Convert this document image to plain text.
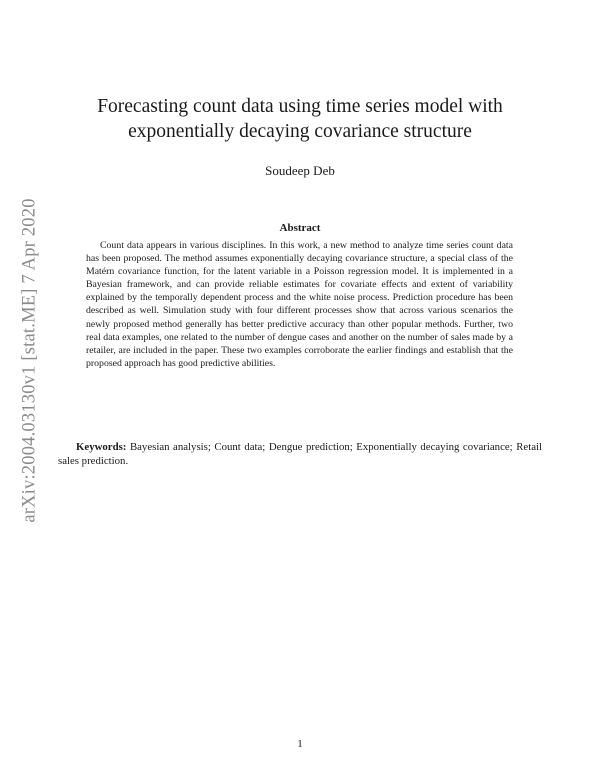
arXiv:2004.03130v1 [stat.ME] 7 Apr 2020
Forecasting count data using time series model with exponentially decaying covariance structure

Soudeep Deb

Abstract

Count data appears in various disciplines. In this work, a new method to analyze time series count data has been proposed. The method assumes exponentially decaying covariance structure, a special class of the Matérn covariance function, for the latent variable in a Poisson regression model. It is implemented in a Bayesian framework, and can provide reliable estimates for covariate effects and extent of variability explained by the temporally dependent process and the white noise process. Prediction procedure has been described as well. Simulation study with four different processes show that across various scenarios the newly proposed method generally has better predictive accuracy than other popular methods. Further, two real data examples, one related to the number of dengue cases and another on the number of sales made by a retailer, are included in the paper. These two examples corroborate the earlier findings and establish that the proposed approach has good predictive abilities.

Keywords: Bayesian analysis; Count data; Dengue prediction; Exponentially decaying covariance; Retail sales prediction.

1
